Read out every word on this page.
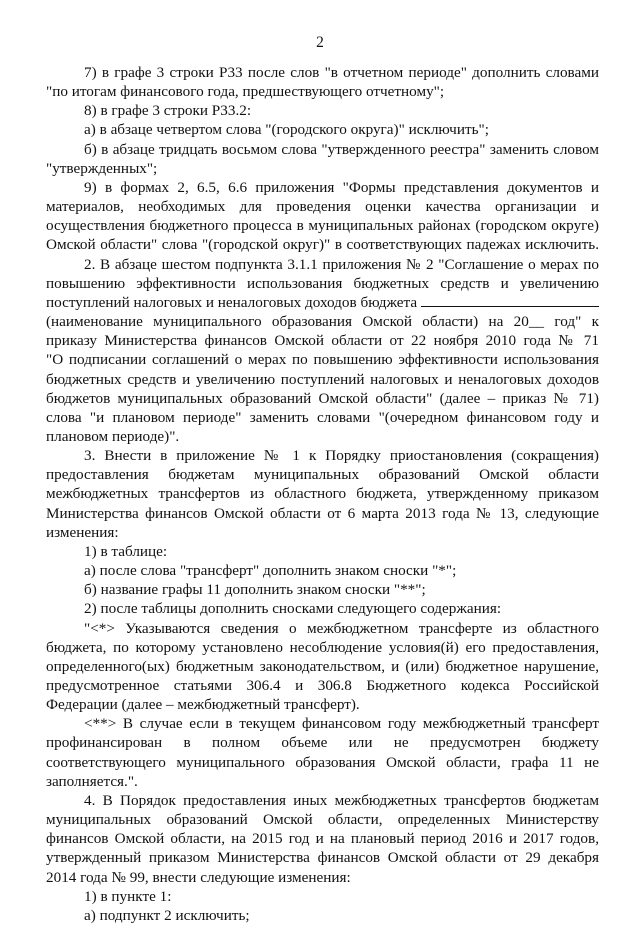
2
7) в графе 3 строки Р33 после слов "в отчетном периоде" дополнить словами
"по итогам финансового года, предшествующего отчетному";
8) в графе 3 строки Р33.2:
а) в абзаце четвертом слова "(городского округа)" исключить";
б) в абзаце тридцать восьмом слова "утвержденного реестра" заменить словом
"утвержденных";
9) в формах 2, 6.5, 6.6 приложения "Формы представления документов и
материалов, необходимых для проведения оценки качества организации и
осуществления бюджетного процесса в муниципальных районах (городском округе)
Омской области" слова "(городской округ)" в соответствующих падежах исключить.
2. В абзаце шестом подпункта 3.1.1 приложения № 2 "Соглашение о мерах по
повышению эффективности использования бюджетных средств и увеличению
поступлений налоговых и неналоговых доходов бюджета
(наименование муниципального образования Омской области) на 20__ год" к
приказу Министерства финансов Омской области от 22 ноября 2010 года № 71
"О подписании соглашений о мерах по повышению эффективности использования
бюджетных средств и увеличению поступлений налоговых и неналоговых доходов
бюджетов муниципальных образований Омской области" (далее – приказ № 71)
слова "и плановом периоде" заменить словами "(очередном финансовом году и
плановом периоде)".
3. Внести в приложение № 1 к Порядку приостановления (сокращения)
предоставления бюджетам муниципальных образований Омской области
межбюджетных трансфертов из областного бюджета, утвержденному приказом
Министерства финансов Омской области от 6 марта 2013 года № 13, следующие
изменения:
1) в таблице:
а) после слова "трансферт" дополнить знаком сноски "*";
б) название графы 11 дополнить знаком сноски "**";
2) после таблицы дополнить сносками следующего содержания:
"<*> Указываются сведения о межбюджетном трансферте из областного
бюджета, по которому установлено несоблюдение условия(й) его предоставления,
определенного(ых) бюджетным законодательством, и (или) бюджетное нарушение,
предусмотренное статьями 306.4 и 306.8 Бюджетного кодекса Российской
Федерации (далее – межбюджетный трансферт).
<**> В случае если в текущем финансовом году межбюджетный трансферт
профинансирован в полном объеме или не предусмотрен бюджету
соответствующего муниципального образования Омской области, графа 11 не
заполняется.".
4. В Порядок предоставления иных межбюджетных трансфертов бюджетам
муниципальных образований Омской области, определенных Министерству
финансов Омской области, на 2015 год и на плановый период 2016 и 2017 годов,
утвержденный приказом Министерства финансов Омской области от 29 декабря
2014 года № 99, внести следующие изменения:
1) в пункте 1:
а) подпункт 2 исключить;
